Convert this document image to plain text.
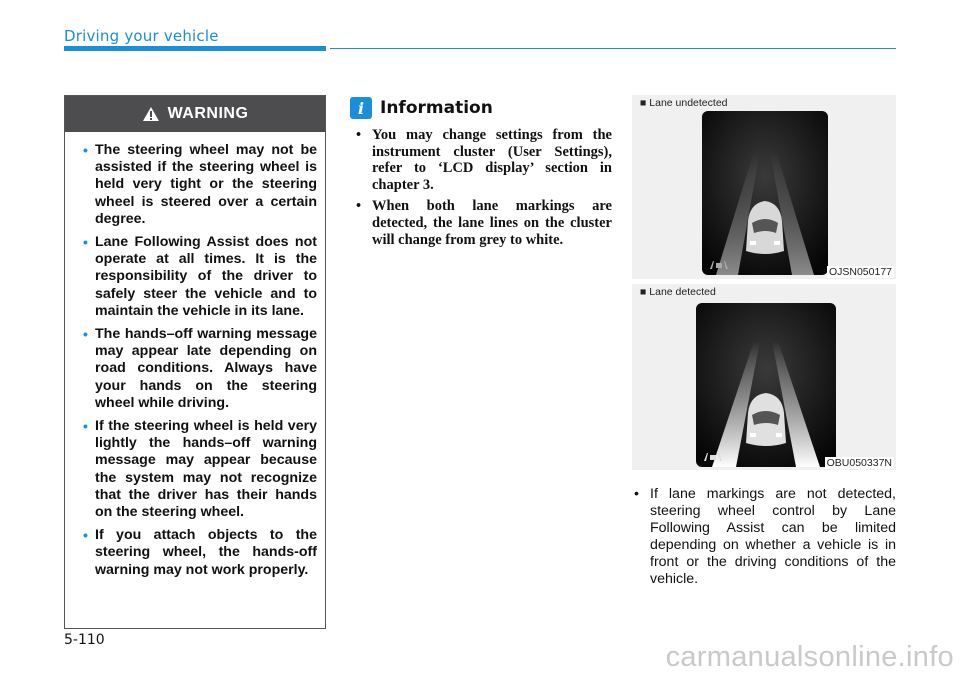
Driving your vehicle
WARNING
• The steering wheel may not be assisted if the steering wheel is held very tight or the steering wheel is steered over a certain degree.
• Lane Following Assist does not operate at all times. It is the responsibility of the driver to safely steer the vehicle and to maintain the vehicle in its lane.
• The hands–off warning message may appear late depending on road conditions. Always have your hands on the steering wheel while driving.
• If the steering wheel is held very lightly the hands–off warning message may appear because the system may not recognize that the driver has their hands on the steering wheel.
• If you attach objects to the steering wheel, the hands-off warning may not work properly.
i Information
• You may change settings from the instrument cluster (User Settings), refer to ‘LCD display’ section in chapter 3.
• When both lane markings are detected, the lane lines on the cluster will change from grey to white.
■ Lane undetected
OJSN050177
■ Lane detected
OBU050337N
• If lane markings are not detected, steering wheel control by Lane Following Assist can be limited depending on whether a vehicle is in front or the driving conditions of the vehicle.
5-110
carmanualsonline.info
